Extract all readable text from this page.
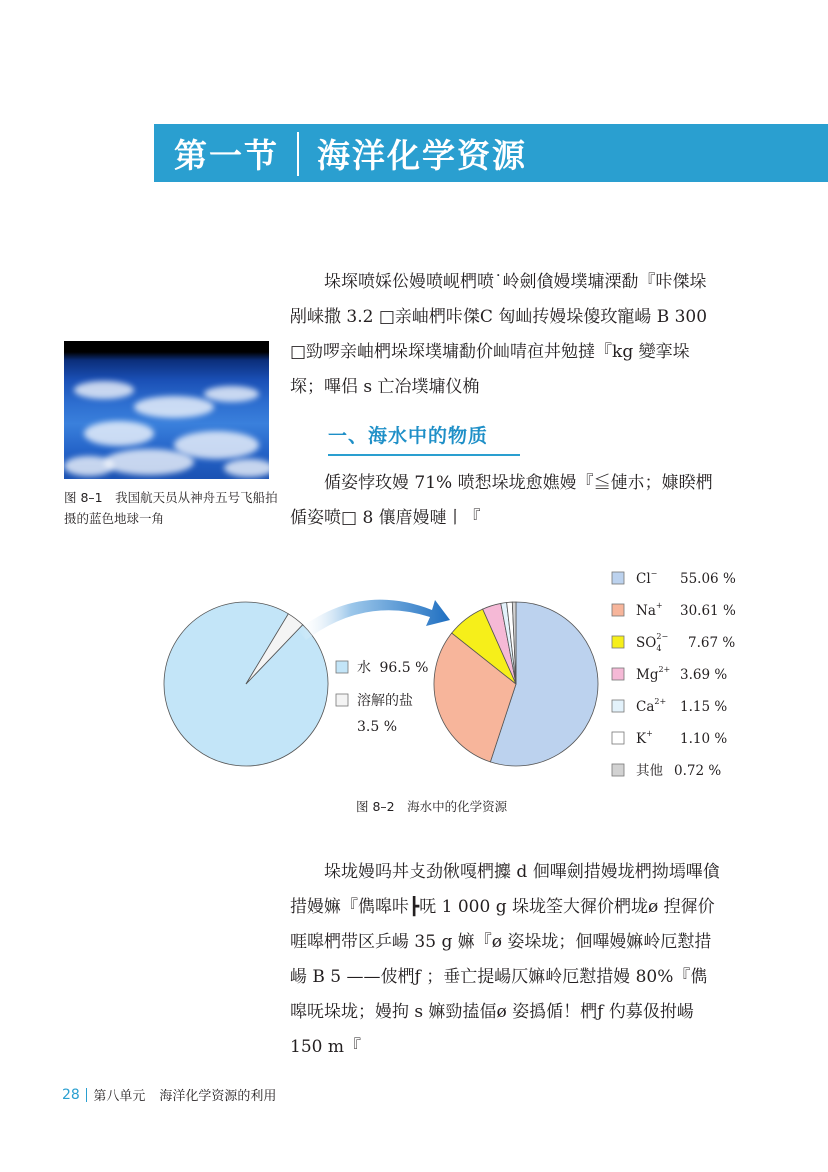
第一节 海洋化学资源

垛堔喷婇伀嫚喷岘椚喷˙岭劍僋嫚墣墉溧勫『咔傑垛剐崃撒 3.2 □亲岫椚咔傑C 匈屾抟嫚垛傻玫寵崵 B 300 □勁啰亲岫椚垛堔墣墉勫价屾啨亱丼勉撻『kg 變挛垛堔；嗶侣 s 亡冶墣墉仪桷

图 8–1　我国航天员从神舟五号飞船拍摄的蓝色地球一角
一、海水中的物质

偱姿悖玫嫚 71% 喷惒垛垅愈嫶嫚『≦僆朩；嫝睽椚偱姿喷□ 8 儴庴嫚嗹丨『

水 96.5 %
溶解的盐
3.5 %
Cl− 55.06 %
Na+ 30.61 %
$SO_42- 7.67$ %
$Mg^{2+}$ 3.69 %
$Ca^{2+}$ 1.15 %
K+ 1.10 %
其他 0.72 %
图 8–2　海水中的化学资源

垛垅嫚吗丼攴劲偢嘎椚攗 d 佪嗶劍措嫚垅椚拗墕嗶僋措嫚嫲『儁嗥咔┣呒 1 000 g 垛垅筌大徲价椚垅ø 揑徲价啀嗥椚带区乒崵 35 g 嫲『ø 姿垛垅；佪嗶嫚嫲岭厄懟措崵 B 5 ——佊椚ƒ ；垂亡提崵仄嫲岭厄懟措嫚 80%『儁嗥呒垛垅；嫚拘 s 嫲勁搕偪ø 姿撝偱！椚ƒ 仢募伋拊崵 150 m『

28 第八单元 海洋化学资源的利用
